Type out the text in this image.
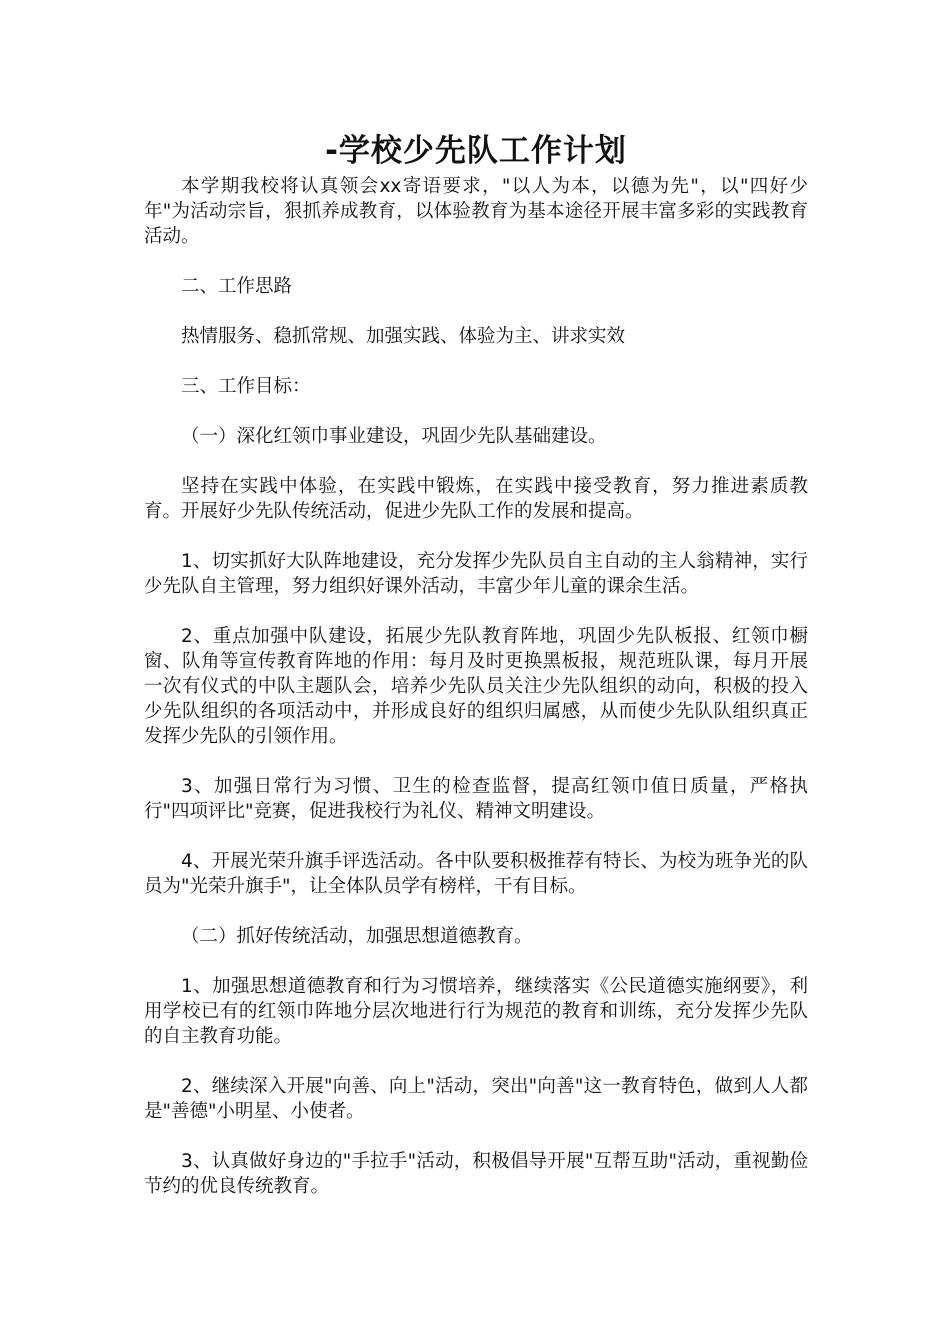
-学校少先队工作计划

本学期我校将认真领会xx寄语要求，"以人为本，以德为先"，以"四好少年"为活动宗旨，狠抓养成教育，以体验教育为基本途径开展丰富多彩的实践教育活动。

二、工作思路

热情服务、稳抓常规、加强实践、体验为主、讲求实效

三、工作目标：

（一）深化红领巾事业建设，巩固少先队基础建设。

坚持在实践中体验，在实践中锻炼，在实践中接受教育，努力推进素质教育。开展好少先队传统活动，促进少先队工作的发展和提高。

1、切实抓好大队阵地建设，充分发挥少先队员自主自动的主人翁精神，实行少先队自主管理，努力组织好课外活动，丰富少年儿童的课余生活。

2、重点加强中队建设，拓展少先队教育阵地，巩固少先队板报、红领巾橱窗、队角等宣传教育阵地的作用：每月及时更换黑板报，规范班队课，每月开展一次有仪式的中队主题队会，培养少先队员关注少先队组织的动向，积极的投入少先队组织的各项活动中，并形成良好的组织归属感，从而使少先队队组织真正发挥少先队的引领作用。

3、加强日常行为习惯、卫生的检查监督，提高红领巾值日质量，严格执行"四项评比"竞赛，促进我校行为礼仪、精神文明建设。

4、开展光荣升旗手评选活动。各中队要积极推荐有特长、为校为班争光的队员为"光荣升旗手"，让全体队员学有榜样，干有目标。

（二）抓好传统活动，加强思想道德教育。

1、加强思想道德教育和行为习惯培养，继续落实《公民道德实施纲要》，利用学校已有的红领巾阵地分层次地进行行为规范的教育和训练，充分发挥少先队的自主教育功能。

2、继续深入开展"向善、向上"活动，突出"向善"这一教育特色，做到人人都是"善德"小明星、小使者。

3、认真做好身边的"手拉手"活动，积极倡导开展"互帮互助"活动，重视勤俭节约的优良传统教育。
